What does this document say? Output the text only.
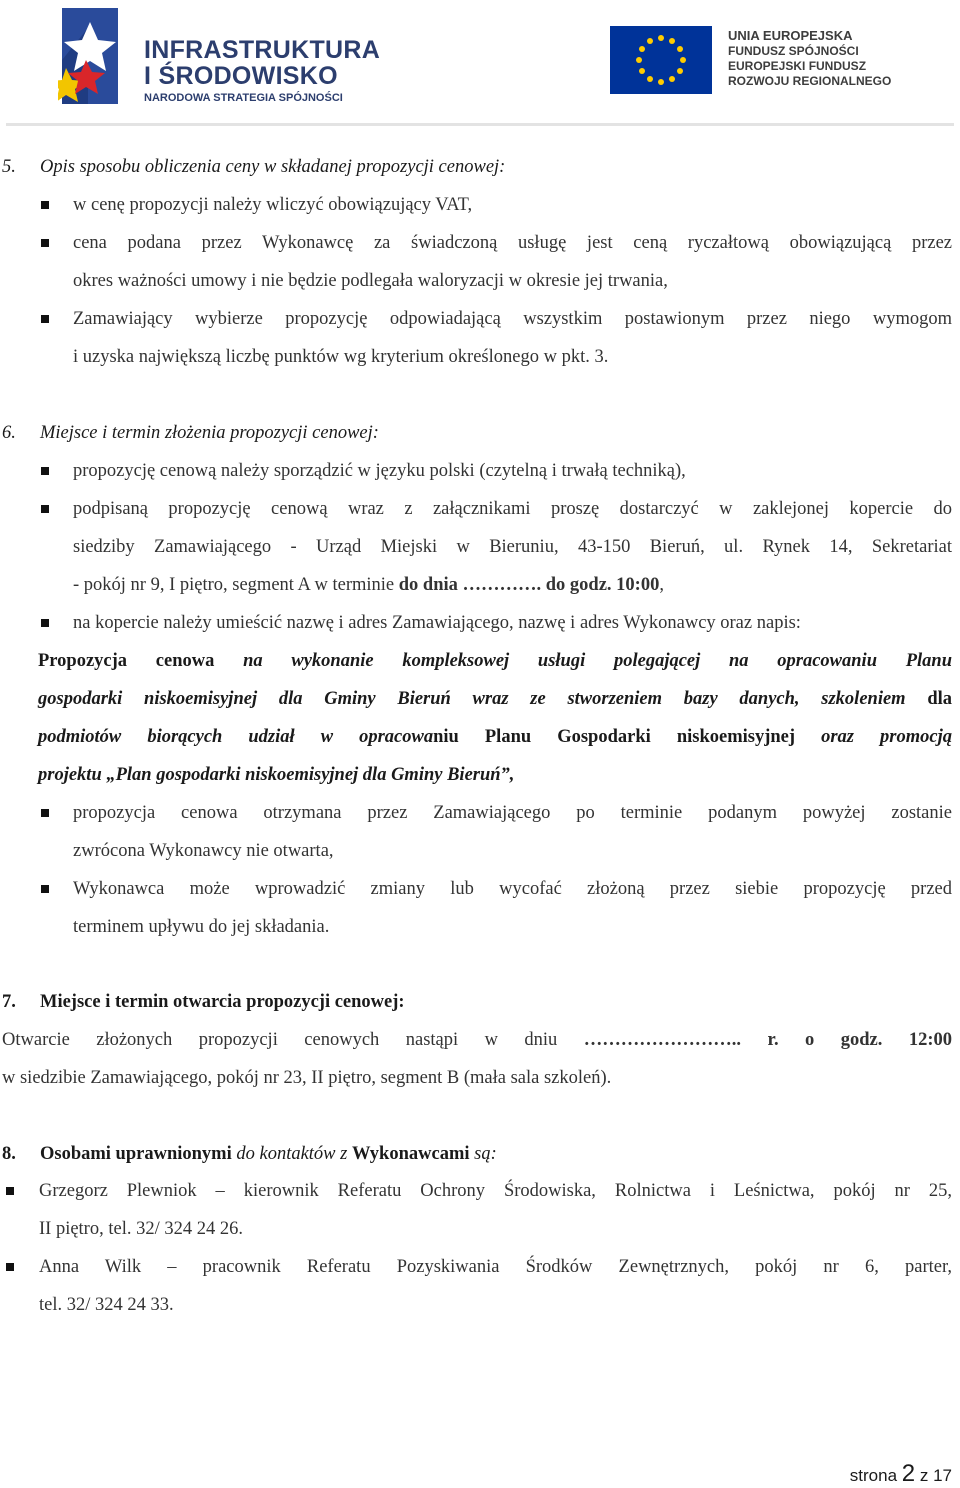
INFRASTRUKTURA
I ŚRODOWISKO
NARODOWA STRATEGIA SPÓJNOŚCI
UNIA EUROPEJSKA
FUNDUSZ SPÓJNOŚCI
EUROPEJSKI FUNDUSZ
ROZWOJU REGIONALNEGO
5. Opis sposobu obliczenia ceny w składanej propozycji cenowej:
w cenę propozycji należy wliczyć obowiązujący VAT,
cena podana przez Wykonawcę za świadczoną usługę jest ceną ryczałtową obowiązującą przez
okres ważności umowy i nie będzie podlegała waloryzacji w okresie jej trwania,
Zamawiający wybierze propozycję odpowiadającą wszystkim postawionym przez niego wymogom
i uzyska największą liczbę punktów wg kryterium określonego w pkt. 3.
6. Miejsce i termin złożenia propozycji cenowej:
propozycję cenową należy sporządzić w języku polski (czytelną i trwałą techniką),
podpisaną propozycję cenową wraz z załącznikami proszę dostarczyć w zaklejonej kopercie do
siedziby Zamawiającego - Urząd Miejski w Bieruniu, 43-150 Bieruń, ul. Rynek 14, Sekretariat
- pokój nr 9, I piętro, segment A w terminie do dnia …………. do godz. 10:00,
na kopercie należy umieścić nazwę i adres Zamawiającego, nazwę i adres Wykonawcy oraz napis:
Propozycja cenowa na wykonanie kompleksowej usługi polegającej na opracowaniu Planu
gospodarki niskoemisyjnej dla Gminy Bieruń wraz ze stworzeniem bazy danych, szkoleniem dla
podmiotów biorących udział w opracowaniu Planu Gospodarki niskoemisyjnej oraz promocją
projektu „Plan gospodarki niskoemisyjnej dla Gminy Bieruń”,
propozycja cenowa otrzymana przez Zamawiającego po terminie podanym powyżej zostanie
zwrócona Wykonawcy nie otwarta,
Wykonawca może wprowadzić zmiany lub wycofać złożoną przez siebie propozycję przed
terminem upływu do jej składania.
7. Miejsce i termin otwarcia propozycji cenowej:
Otwarcie złożonych propozycji cenowych nastąpi w dniu …………………….. r. o godz. 12:00
w siedzibie Zamawiającego, pokój nr 23, II piętro, segment B (mała sala szkoleń).
8. Osobami uprawnionymi do kontaktów z Wykonawcami są:
Grzegorz Plewniok – kierownik Referatu Ochrony Środowiska, Rolnictwa i Leśnictwa, pokój nr 25,
II piętro, tel. 32/ 324 24 26.
Anna Wilk – pracownik Referatu Pozyskiwania Środków Zewnętrznych, pokój nr 6, parter,
tel. 32/ 324 24 33.
strona 2 z 17
